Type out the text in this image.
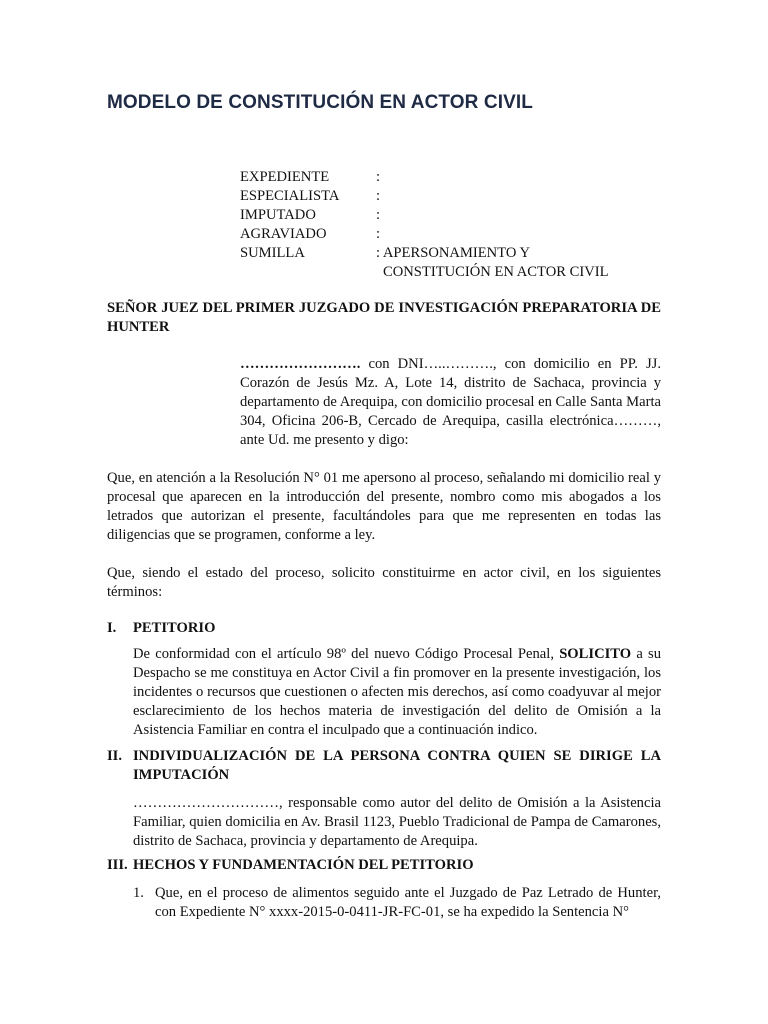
MODELO DE CONSTITUCIÓN EN ACTOR CIVIL
EXPEDIENTE	:
ESPECIALISTA	:
IMPUTADO	:
AGRAVIADO	:
SUMILLA	: APERSONAMIENTO Y
CONSTITUCIÓN EN ACTOR CIVIL

SEÑOR JUEZ DEL PRIMER JUZGADO DE INVESTIGACIÓN PREPARATORIA DE HUNTER

……………………. con DNI…..………., con domicilio en PP. JJ. Corazón de Jesús Mz. A, Lote 14, distrito de Sachaca, provincia y departamento de Arequipa, con domicilio procesal en Calle Santa Marta 304, Oficina 206-B, Cercado de Arequipa, casilla electrónica………, ante Ud. me presento y digo:

Que, en atención a la Resolución N° 01 me apersono al proceso, señalando mi domicilio real y procesal que aparecen en la introducción del presente, nombro como mis abogados a los letrados que autorizan el presente, facultándoles para que me representen en todas las diligencias que se programen, conforme a ley.

Que, siendo el estado del proceso, solicito constituirme en actor civil, en los siguientes términos:

I.	PETITORIO

De conformidad con el artículo 98º del nuevo Código Procesal Penal, SOLICITO a su Despacho se me constituya en Actor Civil a fin promover en la presente investigación, los incidentes o recursos que cuestionen o afecten mis derechos, así como coadyuvar al mejor esclarecimiento de los hechos materia de investigación del delito de Omisión a la Asistencia Familiar en contra el inculpado que a continuación indico.

II. INDIVIDUALIZACIÓN DE LA PERSONA CONTRA QUIEN SE DIRIGE LA IMPUTACIÓN

…………………………, responsable como autor del delito de Omisión a la Asistencia Familiar, quien domicilia en Av. Brasil 1123, Pueblo Tradicional de Pampa de Camarones, distrito de Sachaca, provincia y departamento de Arequipa.

III. HECHOS Y FUNDAMENTACIÓN DEL PETITORIO
1. Que, en el proceso de alimentos seguido ante el Juzgado de Paz Letrado de Hunter, con Expediente N° xxxx-2015-0-0411-JR-FC-01, se ha expedido la Sentencia N°
